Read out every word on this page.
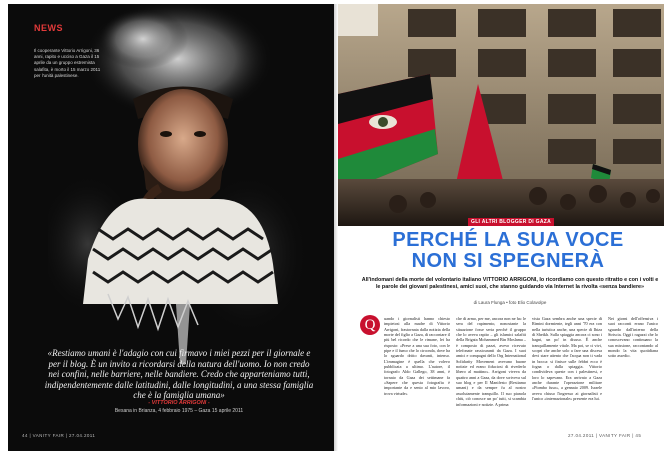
NEWS
Il cooperante Vittorio Arrigoni, 36 anni, rapito e ucciso a Gaza il 15 aprile da un gruppo estremista salafita, è morto il 15 marzo 2011 per l'unità palestinese.
«Restiamo umani è l'adagio con cui firmavo i miei pezzi per il giornale e per il blog. È un invito a ricordarsi della natura dell'uomo. Io non credo nei confini, nelle barriere, nelle bandiere. Credo che apparteniamo tutti, indipendentemente dalle latitudini, dalle longitudini, a una stessa famiglia che è la famiglia umana»
- VITTORIO ARRIGONI -
Besana in Brianza, 4 febbraio 1975 – Gaza 15 aprile 2011
44 | VANITY FAIR | 27.04.2011
GLI ALTRI BLOGGER DI GAZA
PERCHÉ LA SUA VOCE
NON SI SPEGNERÀ
All'indomani della morte del volontario italiano VITTORIO ARRIGONI, lo ricordiamo con questo ritratto e con i volti e le parole dei giovani palestinesi, amici suoi, che stanno guidando via Internet la rivolta «senza bandiere»
di Laura Flunga • foto Elio Colavolpe
Q	uando i giornalisti hanno chiesto impietosi alla madre di Vittorio Arrigoni, frastornata dalla notizia della morte del figlio a Gaza, di raccontare il più bel ricordo che le rimane, lei ha risposto: «Prese a una sua foto, con le pipe e il fumo che lo circonda, dove ha lo sguardo dritto davanti, intenso. L'immagine è quella che volevo pubblicata a ultimo. L'autore, il fotografo Aldo Gallego, 38 anni, è tornato da Gaza dei settimane fa «Sapere che questa fotografia è importante da e sento al mio lavoro, trova virtude»
che di armo, per me, ancora non ne ha: le sera del rapimento, nonostante la situazione fosse seria perché il gruppo che lo aveva rapito – gli islamici salafiti della Brigata Mohammed Bin Moslama – è composto di pazzi, avevo ricevuto telefonate rassicuranti da Gaza. I suoi amici e compagni dello Org International Solidarity Movement avevano buone notizie ed erano fiduciosi di rivederlo libero al mattino». Arrigoni viveva da quattro anni a Gaza, da dove scriveva sul suo blog e per Il Manifesto (Restiamo umani) e da sempre fu al nostro assolutamente tranquillo. Il suo pianola chiù, ciò conosce un po' tutti, si scambia informazioni e notizie. A prima
vista Gaza sembra anche una specie di Rimini dormiente, tegli anni '70 era con nella turistica anche, una specie di Ibiza di Sheikh. Sulla spiaggia ancora ci sono i bagni, un po' in disuso. È anche tranquillamente vitale. Ma poi, se ci vivi, scopri che anche solo a fare una discesa devi stare attento che l'acqua non ti vada in bocca: si finisce sulle febbri ecco è fogna o dalla spiaggia. Vittorio condivideva queste con i palestinesi, e loro lo sapevano. Era arrivato a Gaza anche durante l'operazione militare «Piombo fuso», a gennaio 2009. Israele aveva chiuso l'ingresso ai giornalisti e l'unico «internazionale» presente era lui.
Nei giorni dell'offensiva i suoi racconti erano l'unico sguardo dall'interno della Striscia. Oggi i ragazzi che lo conoscevano continuano la sua missione, raccontando al mondo la vita quotidiana sotto assedio.
27.04.2011 | VANITY FAIR | 45
